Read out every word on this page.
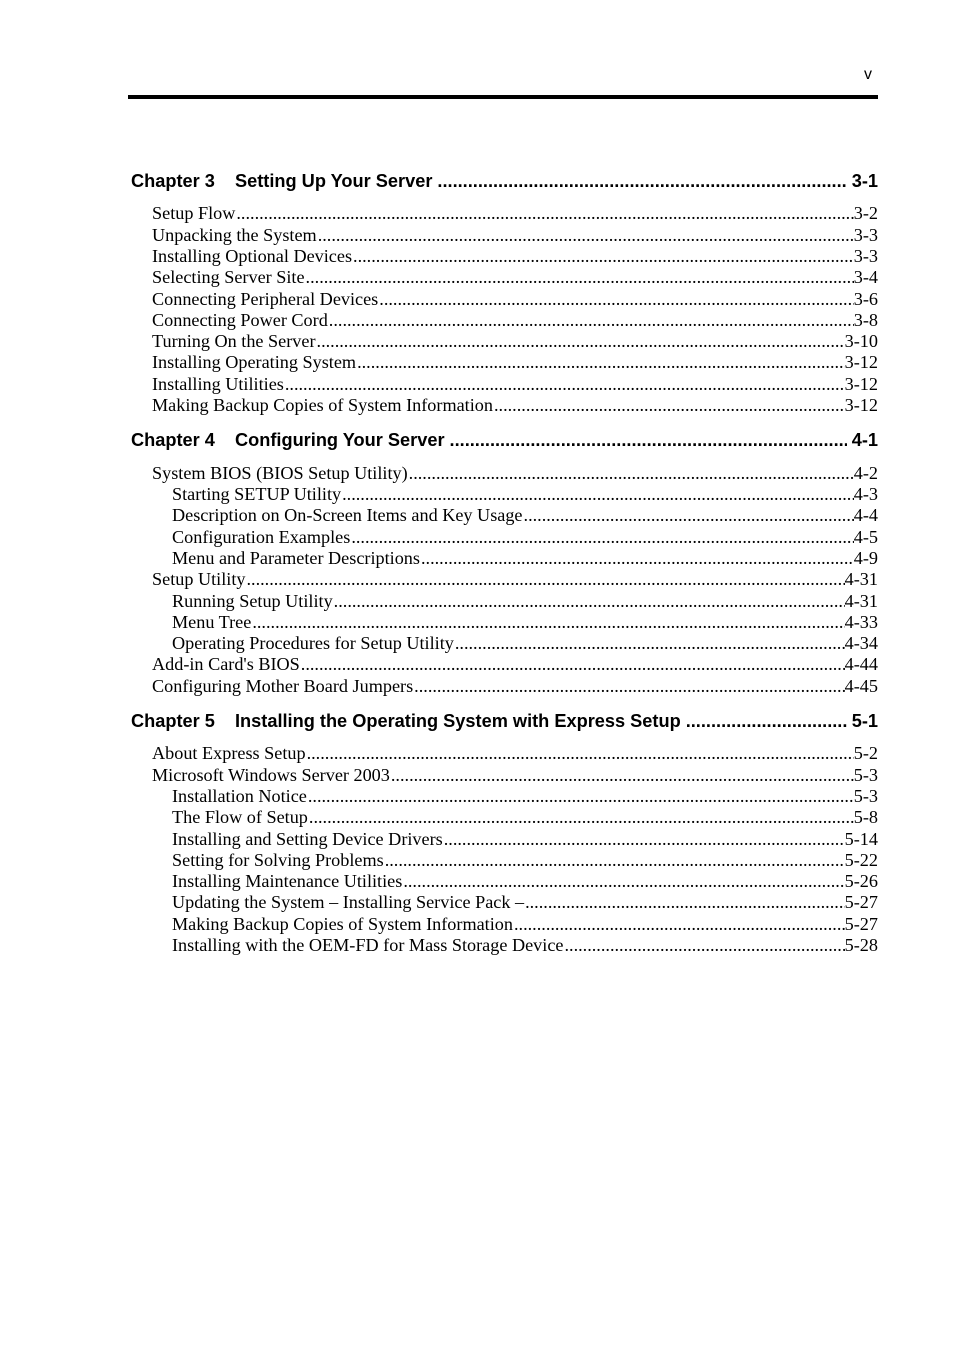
v
Chapter 3	Setting Up Your Server .....	3-1
Setup Flow .....	3-2
Unpacking the System .....	3-3
Installing Optional Devices .....	3-3
Selecting Server Site .....	3-4
Connecting Peripheral Devices .....	3-6
Connecting Power Cord .....	3-8
Turning On the Server .....	3-10
Installing Operating System .....	3-12
Installing Utilities .....	3-12
Making Backup Copies of System Information .....	3-12
Chapter 4	Configuring Your Server .....	4-1
System BIOS (BIOS Setup Utility) .....	4-2
Starting SETUP Utility .....	4-3
Description on On-Screen Items and Key Usage .....	4-4
Configuration Examples .....	4-5
Menu and Parameter Descriptions .....	4-9
Setup Utility .....	4-31
Running Setup Utility .....	4-31
Menu Tree .....	4-33
Operating Procedures for Setup Utility .....	4-34
Add-in Card's BIOS .....	4-44
Configuring Mother Board Jumpers .....	4-45
Chapter 5	Installing the Operating System with Express Setup .....	5-1
About Express Setup .....	5-2
Microsoft Windows Server 2003 .....	5-3
Installation Notice .....	5-3
The Flow of Setup .....	5-8
Installing and Setting Device Drivers .....	5-14
Setting for Solving Problems .....	5-22
Installing Maintenance Utilities .....	5-26
Updating the System – Installing Service Pack – .....	5-27
Making Backup Copies of System Information .....	5-27
Installing with the OEM-FD for Mass Storage Device .....	5-28
